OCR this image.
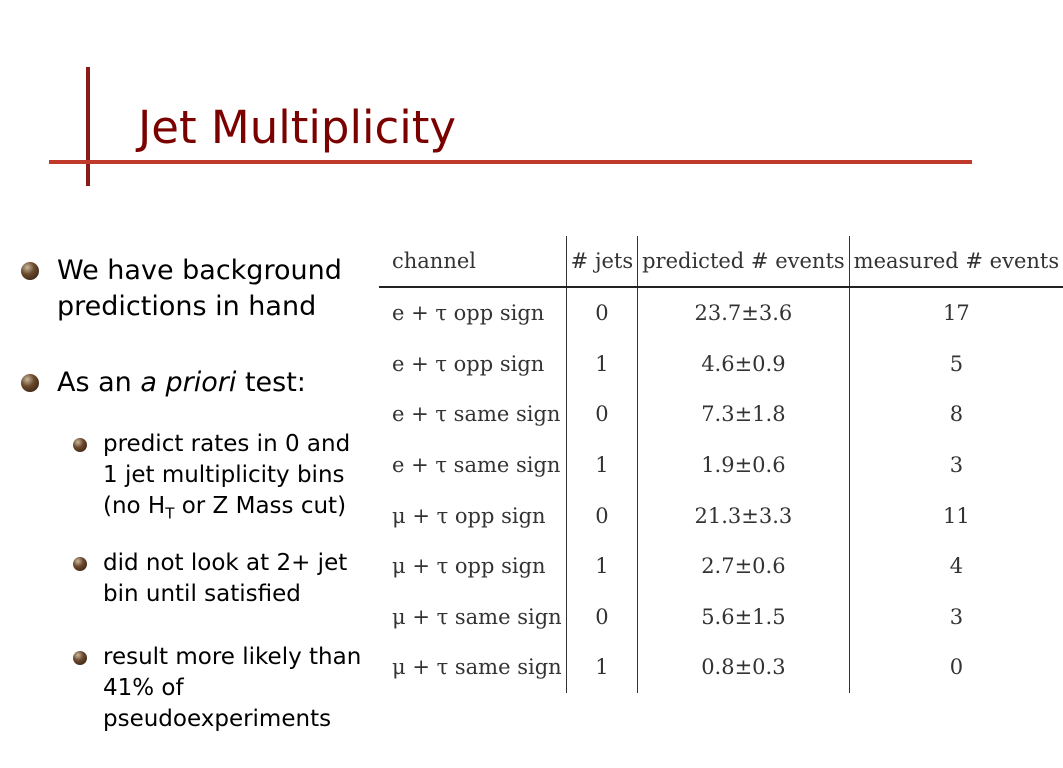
Jet Multiplicity
We have background
predictions in hand
As an a priori test:
predict rates in 0 and
1 jet multiplicity bins
(no $H_T$ or Z Mass cut)
did not look at 2+ jet
bin until satisfied
result more likely than
41% of
pseudoexperiments
channel	# jets	predicted # events	measured # events
e + τ opp sign	0	23.7±3.6	17
e + τ opp sign	1	4.6±0.9	5
e + τ same sign	0	7.3±1.8	8
e + τ same sign	1	1.9±0.6	3
μ + τ opp sign	0	21.3±3.3	11
μ + τ opp sign	1	2.7±0.6	4
μ + τ same sign	0	5.6±1.5	3
μ + τ same sign	1	0.8±0.3	0
